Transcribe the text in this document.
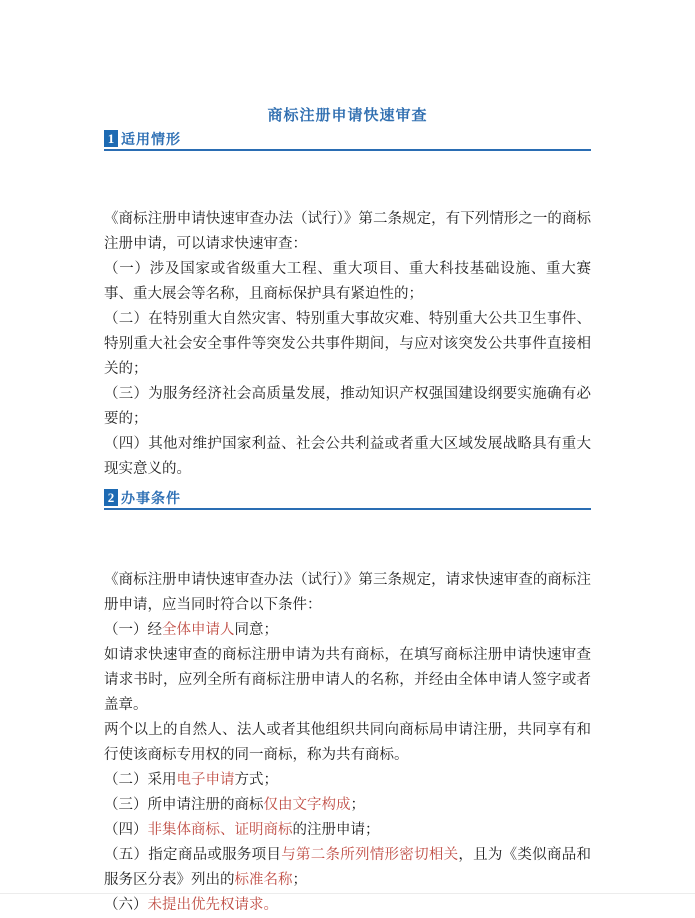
商标注册申请快速审查
1 适用情形

《商标注册申请快速审查办法（试行）》第二条规定，有下列情形之一的商标注册申请，可以请求快速审查：

（一）涉及国家或省级重大工程、重大项目、重大科技基础设施、重大赛事、重大展会等名称，且商标保护具有紧迫性的；

（二）在特别重大自然灾害、特别重大事故灾难、特别重大公共卫生事件、特别重大社会安全事件等突发公共事件期间，与应对该突发公共事件直接相关的；

（三）为服务经济社会高质量发展，推动知识产权强国建设纲要实施确有必要的；

（四）其他对维护国家利益、社会公共利益或者重大区域发展战略具有重大现实意义的。

2 办事条件

《商标注册申请快速审查办法（试行）》第三条规定，请求快速审查的商标注册申请，应当同时符合以下条件：

（一）经全体申请人同意；

如请求快速审查的商标注册申请为共有商标，在填写商标注册申请快速审查请求书时，应列全所有商标注册申请人的名称，并经由全体申请人签字或者盖章。

两个以上的自然人、法人或者其他组织共同向商标局申请注册，共同享有和行使该商标专用权的同一商标，称为共有商标。

（二）采用电子申请方式；

（三）所申请注册的商标仅由文字构成；

（四）非集体商标、证明商标的注册申请；

（五）指定商品或服务项目与第二条所列情形密切相关，且为《类似商品和服务区分表》列出的标准名称；

（六）未提出优先权请求。
